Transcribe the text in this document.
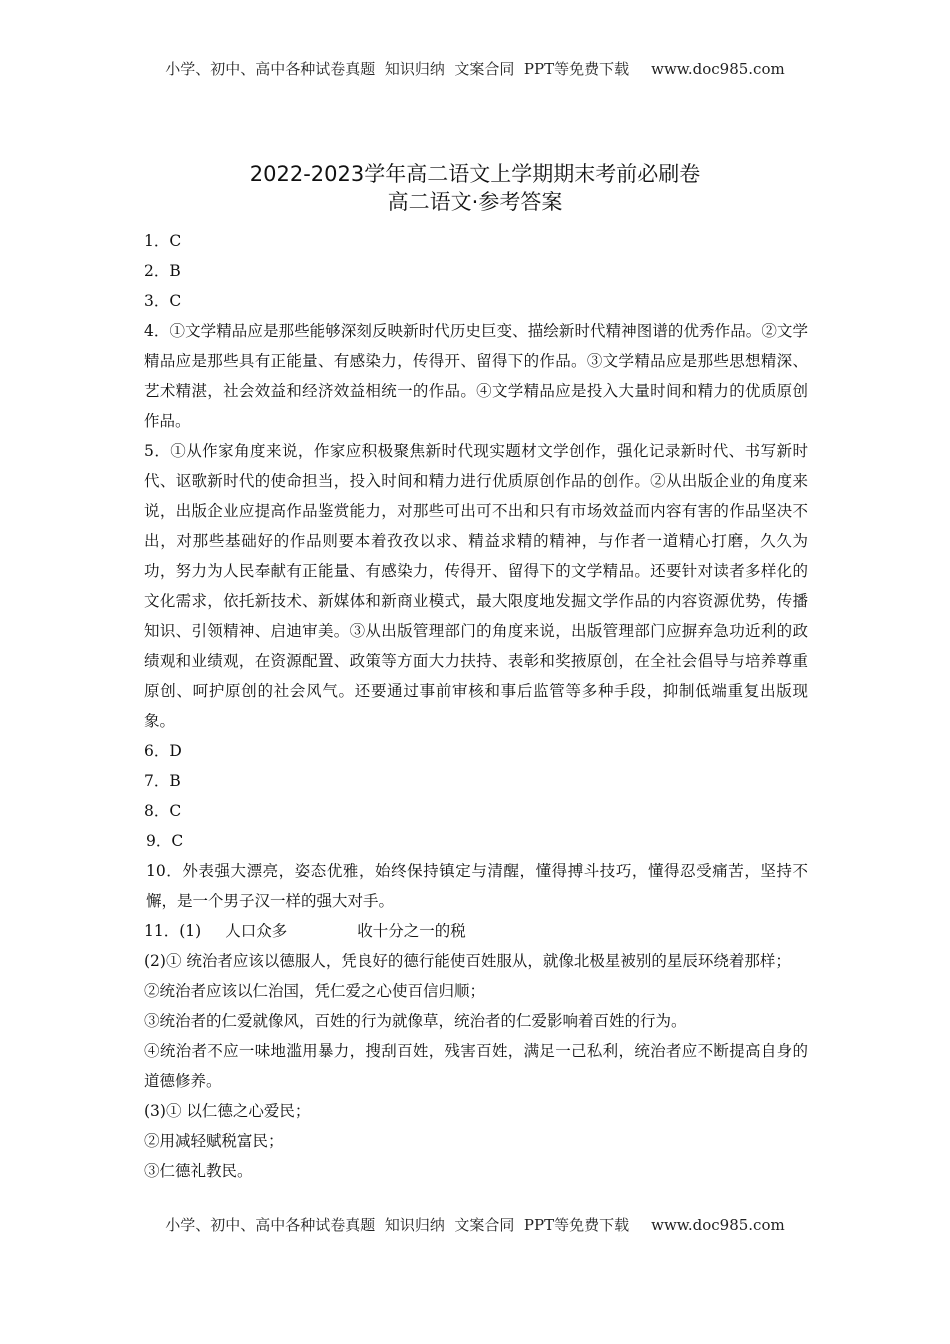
小学、初中、高中各种试卷真题  知识归纳  文案合同  PPT等免费下载 www.doc985.com
2022-2023学年高二语文上学期期末考前必刷卷
高二语文·参考答案
1．C
2．B
3．C
4．①文学精品应是那些能够深刻反映新时代历史巨变、描绘新时代精神图谱的优秀作品。②文学精品应是那些具有正能量、有感染力，传得开、留得下的作品。③文学精品应是那些思想精深、艺术精湛，社会效益和经济效益相统一的作品。④文学精品应是投入大量时间和精力的优质原创作品。
5．①从作家角度来说，作家应积极聚焦新时代现实题材文学创作，强化记录新时代、书写新时代、讴歌新时代的使命担当，投入时间和精力进行优质原创作品的创作。②从出版企业的角度来说，出版企业应提高作品鉴赏能力，对那些可出可不出和只有市场效益而内容有害的作品坚决不出，对那些基础好的作品则要本着孜孜以求、精益求精的精神，与作者一道精心打磨，久久为功，努力为人民奉献有正能量、有感染力，传得开、留得下的文学精品。还要针对读者多样化的文化需求，依托新技术、新媒体和新商业模式，最大限度地发掘文学作品的内容资源优势，传播知识、引领精神、启迪审美。③从出版管理部门的角度来说，出版管理部门应摒弃急功近利的政绩观和业绩观，在资源配置、政策等方面大力扶持、表彰和奖掖原创，在全社会倡导与培养尊重原创、呵护原创的社会风气。还要通过事前审核和事后监管等多种手段，抑制低端重复出版现象。
6．D
7．B
8．C
9．C
10．外表强大漂亮，姿态优雅，始终保持镇定与清醒，懂得搏斗技巧，懂得忍受痛苦，坚持不懈，是一个男子汉一样的强大对手。
11．(1) 人口众多	收十分之一的税
(2)① 统治者应该以德服人，凭良好的德行能使百姓服从，就像北极星被别的星辰环绕着那样；
②统治者应该以仁治国，凭仁爱之心使百信归顺；
③统治者的仁爱就像风，百姓的行为就像草，统治者的仁爱影响着百姓的行为。
④统治者不应一味地滥用暴力，搜刮百姓，残害百姓，满足一己私利，统治者应不断提高自身的道德修养。
(3)① 以仁德之心爱民；
②用减轻赋税富民；
③仁德礼教民。
小学、初中、高中各种试卷真题  知识归纳  文案合同  PPT等免费下载 www.doc985.com
